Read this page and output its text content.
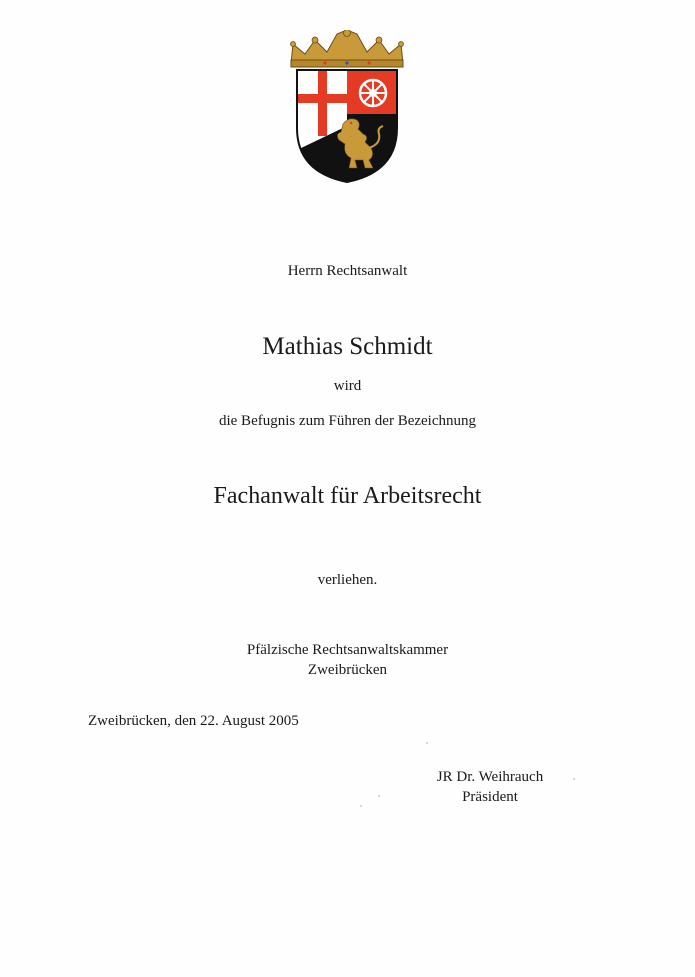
Herrn Rechtsanwalt
Mathias Schmidt
wird
die Befugnis zum Führen der Bezeichnung
Fachanwalt für Arbeitsrecht
verliehen.
Pfälzische Rechtsanwaltskammer
Zweibrücken
Zweibrücken, den 22. August 2005
JR Dr. Weihrauch
Präsident
